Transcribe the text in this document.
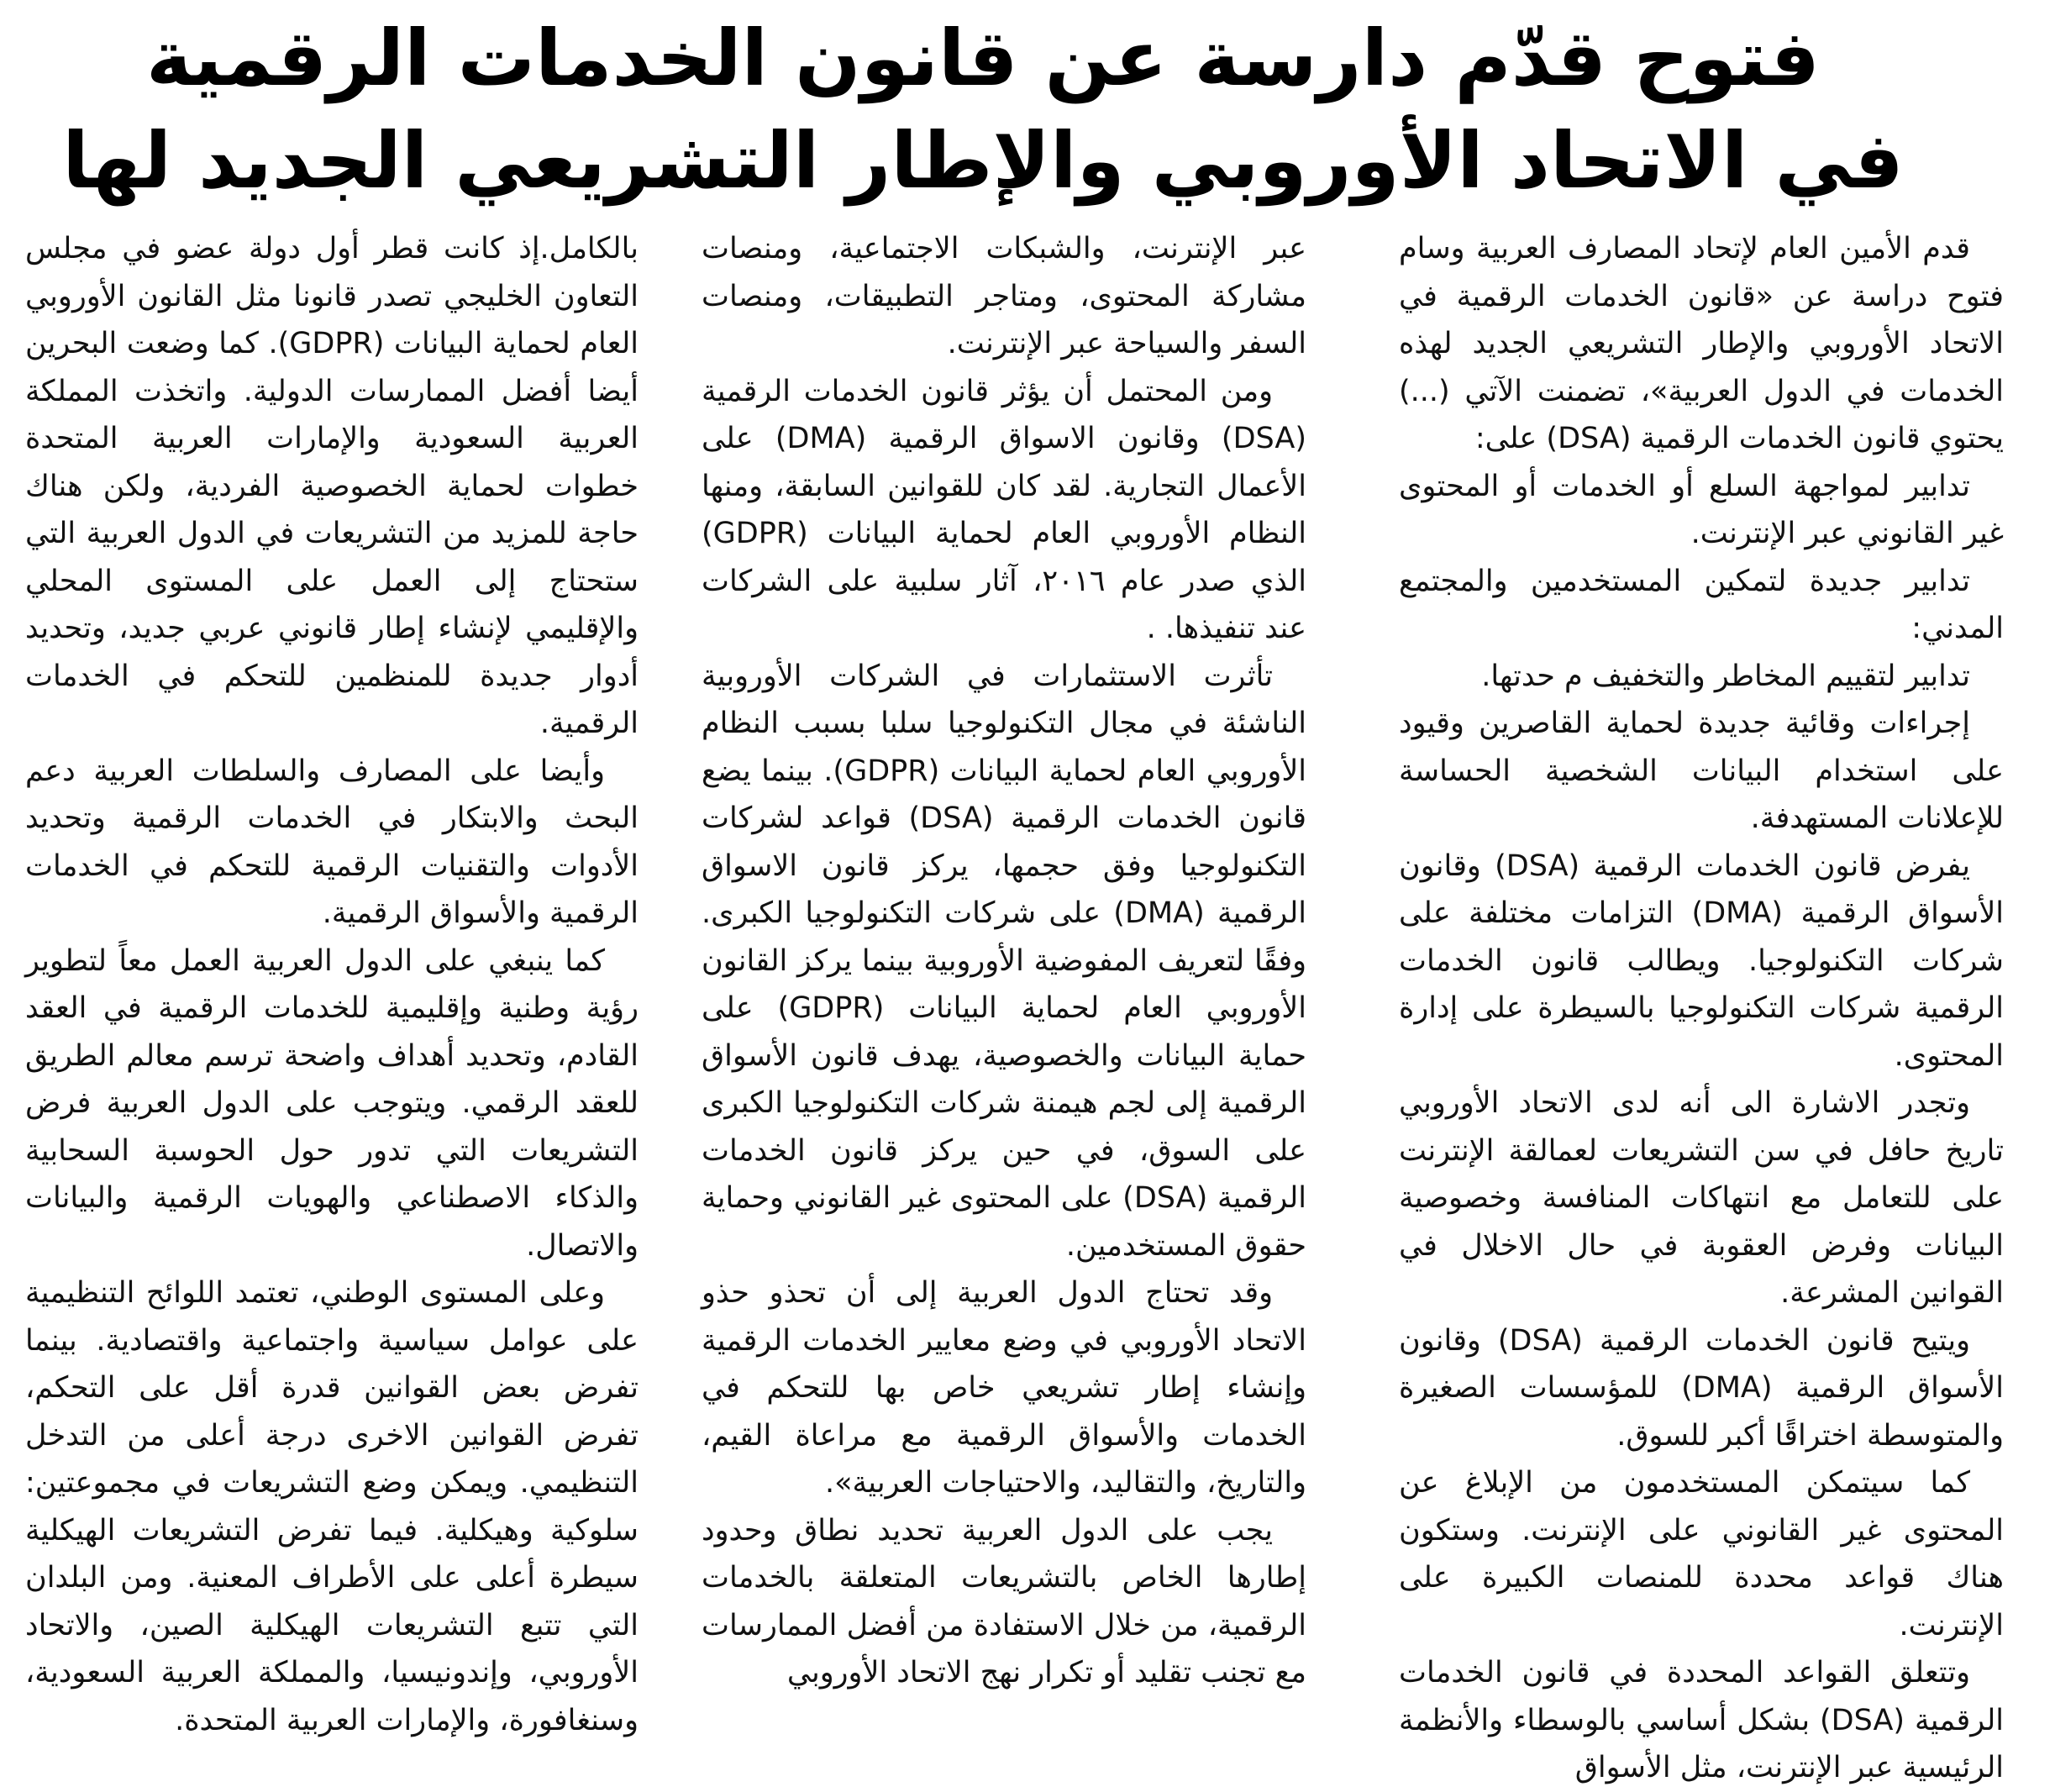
فتوح قدّم دارسة عن قانون الخدمات الرقمية
في الاتحاد الأوروبي والإطار التشريعي الجديد لها

قدم الأمين العام لإتحاد المصارف العربية وسام فتوح دراسة عن «قانون الخدمات الرقمية في الاتحاد الأوروبي والإطار التشريعي الجديد لهذه الخدمات في الدول العربية»، تضمنت الآتي (...) يحتوي قانون الخدمات الرقمية (DSA) على:

تدابير لمواجهة السلع أو الخدمات أو المحتوى غير القانوني عبر الإنترنت.

تدابير جديدة لتمكين المستخدمين والمجتمع المدني:

تدابير لتقييم المخاطر والتخفيف م حدتها.

إجراءات وقائية جديدة لحماية القاصرين وقيود على استخدام البيانات الشخصية الحساسة للإعلانات المستهدفة.

يفرض قانون الخدمات الرقمية (DSA) وقانون الأسواق الرقمية (DMA) التزامات مختلفة على شركات التكنولوجيا. ويطالب قانون الخدمات الرقمية شركات التكنولوجيا بالسيطرة على إدارة المحتوى.

وتجدر الاشارة الى أنه لدى الاتحاد الأوروبي تاريخ حافل في سن التشريعات لعمالقة الإنترنت على للتعامل مع انتهاكات المنافسة وخصوصية البيانات وفرض العقوبة في حال الاخلال في القوانين المشرعة.

ويتيح قانون الخدمات الرقمية (DSA) وقانون الأسواق الرقمية (DMA) للمؤسسات الصغيرة والمتوسطة اختراقًا أكبر للسوق.

كما سيتمكن المستخدمون من الإبلاغ عن المحتوى غير القانوني على الإنترنت. وستكون هناك قواعد محددة للمنصات الكبيرة على الإنترنت.

وتتعلق القواعد المحددة في قانون الخدمات الرقمية (DSA) بشكل أساسي بالوسطاء والأنظمة الرئيسية عبر الإنترنت، مثل الأسواق

عبر الإنترنت، والشبكات الاجتماعية، ومنصات مشاركة المحتوى، ومتاجر التطبيقات، ومنصات السفر والسياحة عبر الإنترنت.

ومن المحتمل أن يؤثر قانون الخدمات الرقمية (DSA) وقانون الاسواق الرقمية (DMA) على الأعمال التجارية. لقد كان للقوانين السابقة، ومنها النظام الأوروبي العام لحماية البيانات (GDPR) الذي صدر عام ٢٠١٦، آثار سلبية على الشركات عند تنفيذها. .

تأثرت الاستثمارات في الشركات الأوروبية الناشئة في مجال التكنولوجيا سلبا بسبب النظام الأوروبي العام لحماية البيانات (GDPR). بينما يضع قانون الخدمات الرقمية (DSA) قواعد لشركات التكنولوجيا وفق حجمها، يركز قانون الاسواق الرقمية (DMA) على شركات التكنولوجيا الكبرى. وفقًا لتعريف المفوضية الأوروبية بينما يركز القانون الأوروبي العام لحماية البيانات (GDPR) على حماية البيانات والخصوصية، يهدف قانون الأسواق الرقمية إلى لجم هيمنة شركات التكنولوجيا الكبرى على السوق، في حين يركز قانون الخدمات الرقمية (DSA) على المحتوى غير القانوني وحماية حقوق المستخدمين.

وقد تحتاج الدول العربية إلى أن تحذو حذو الاتحاد الأوروبي في وضع معايير الخدمات الرقمية وإنشاء إطار تشريعي خاص بها للتحكم في الخدمات والأسواق الرقمية مع مراعاة القيم، والتاريخ، والتقاليد، والاحتياجات العربية».

يجب على الدول العربية تحديد نطاق وحدود إطارها الخاص بالتشريعات المتعلقة بالخدمات الرقمية، من خلال الاستفادة من أفضل الممارسات مع تجنب تقليد أو تكرار نهج الاتحاد الأوروبي

بالكامل.إذ كانت قطر أول دولة عضو في مجلس التعاون الخليجي تصدر قانونا مثل القانون الأوروبي العام لحماية البيانات (GDPR). كما وضعت البحرين أيضا أفضل الممارسات الدولية. واتخذت المملكة العربية السعودية والإمارات العربية المتحدة خطوات لحماية الخصوصية الفردية، ولكن هناك حاجة للمزيد من التشريعات في الدول العربية التي ستحتاج إلى العمل على المستوى المحلي والإقليمي لإنشاء إطار قانوني عربي جديد، وتحديد أدوار جديدة للمنظمين للتحكم في الخدمات الرقمية.

وأيضا على المصارف والسلطات العربية دعم البحث والابتكار في الخدمات الرقمية وتحديد الأدوات والتقنيات الرقمية للتحكم في الخدمات الرقمية والأسواق الرقمية.

كما ينبغي على الدول العربية العمل معاً لتطوير رؤية وطنية وإقليمية للخدمات الرقمية في العقد القادم، وتحديد أهداف واضحة ترسم معالم الطريق للعقد الرقمي. ويتوجب على الدول العربية فرض التشريعات التي تدور حول الحوسبة السحابية والذكاء الاصطناعي والهويات الرقمية والبيانات والاتصال.

وعلى المستوى الوطني، تعتمد اللوائح التنظيمية على عوامل سياسية واجتماعية واقتصادية. بينما تفرض بعض القوانين قدرة أقل على التحكم، تفرض القوانين الاخرى درجة أعلى من التدخل التنظيمي. ويمكن وضع التشريعات في مجموعتين: سلوكية وهيكلية. فيما تفرض التشريعات الهيكلية سيطرة أعلى على الأطراف المعنية. ومن البلدان التي تتبع التشريعات الهيكلية الصين، والاتحاد الأوروبي، وإندونيسيا، والمملكة العربية السعودية، وسنغافورة، والإمارات العربية المتحدة.
